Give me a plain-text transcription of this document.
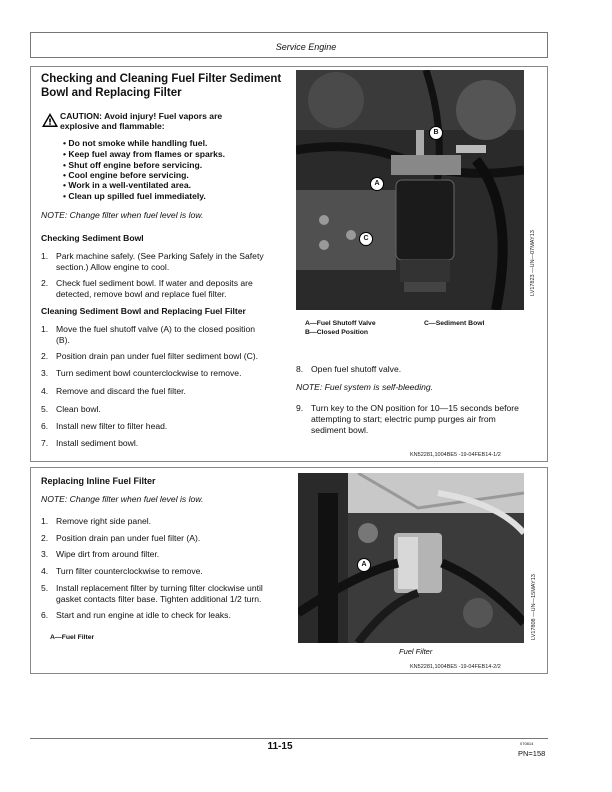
Service Engine
Checking and Cleaning Fuel Filter Sediment
Bowl and Replacing Filter
CAUTION: Avoid injury! Fuel vapors are
explosive and flammable:
• Do not smoke while handling fuel.
• Keep fuel away from flames or sparks.
• Shut off engine before servicing.
• Cool engine before servicing.
• Work in a well-ventilated area.
• Clean up spilled fuel immediately.
NOTE: Change filter when fuel level is low.
Checking Sediment Bowl
1. Park machine safely. (See Parking Safely in the Safety
section.) Allow engine to cool.
2. Check fuel sediment bowl. If water and deposits are
detected, remove bowl and replace fuel filter.
Cleaning Sediment Bowl and Replacing Fuel Filter
1. Move the fuel shutoff valve (A) to the closed position
(B).
2. Position drain pan under fuel filter sediment bowl (C).
3. Turn sediment bowl counterclockwise to remove.
4. Remove and discard the fuel filter.
5. Clean bowl.
6. Install new filter to filter head.
7. Install sediment bowl.
B
A
C	LV17823 —UN—07MAY13
A—Fuel Shutoff Valve
B—Closed Position
C—Sediment Bowl
8. Open fuel shutoff valve.
NOTE: Fuel system is self-bleeding.
9. Turn key to the ON position for 10—15 seconds before
attempting to start; electric pump purges air from
sediment bowl.
KN52281,1004BE5 -19-04FEB14-1/2
Replacing Inline Fuel Filter
NOTE: Change filter when fuel level is low.
1. Remove right side panel.
2. Position drain pan under fuel filter (A).
3. Wipe dirt from around filter.
4. Turn filter counterclockwise to remove.
5. Install replacement filter by turning filter clockwise until
gasket contacts filter base. Tighten additional 1/2 turn.
6. Start and run engine at idle to check for leaks.
A—Fuel Filter
A
LV17808 —UN—15MAY13
Fuel Filter
KN52281,1004BE5 -19-04FEB14-2/2
11-15	070814
PN=158
